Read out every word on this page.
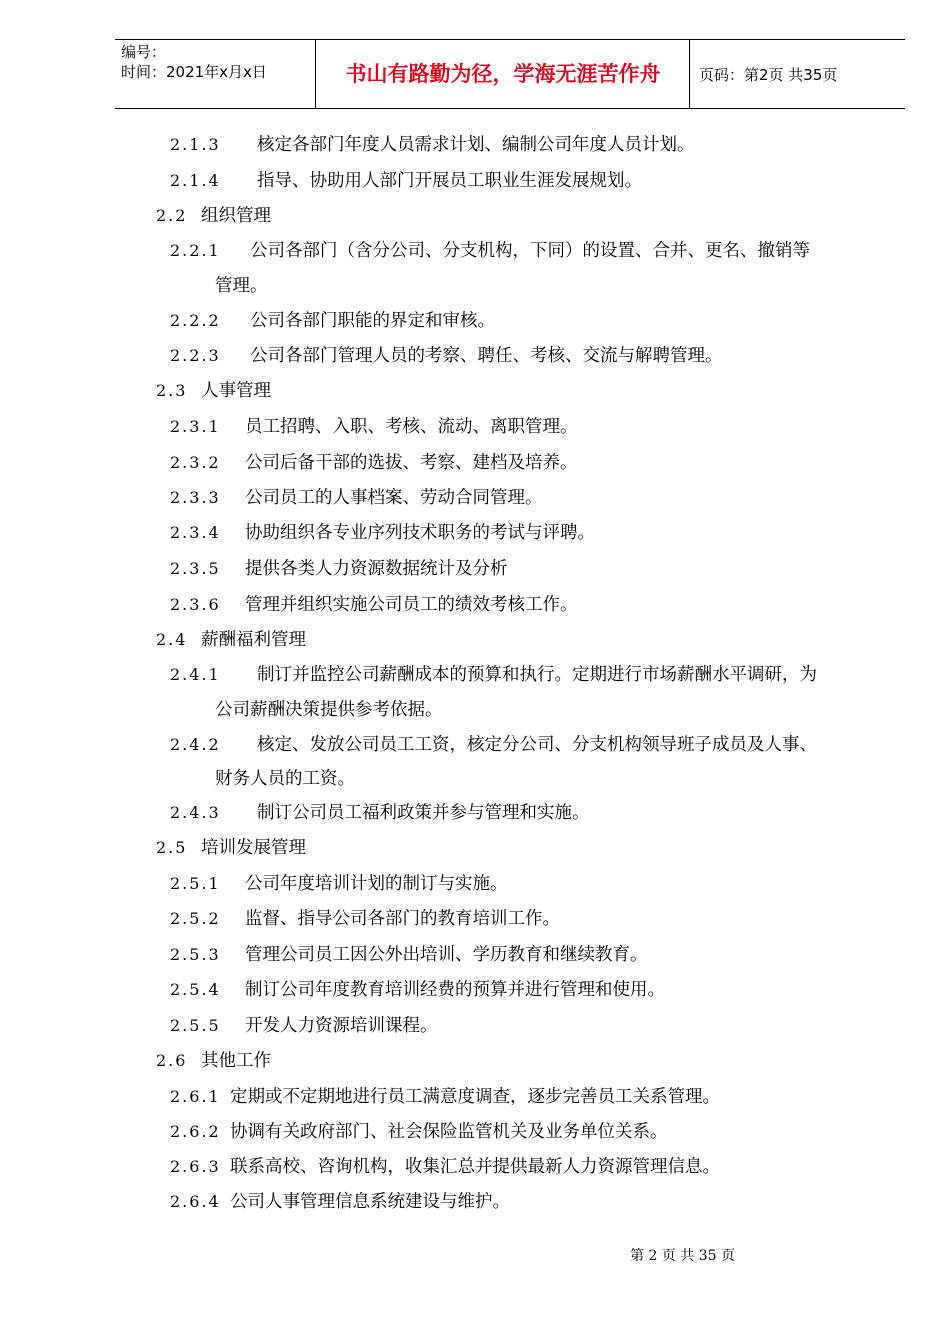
编号：
时间：2021年x月x日	书山有路勤为径，学海无涯苦作舟	页码：第2页 共35页
2.1.3 核定各部门年度人员需求计划、编制公司年度人员计划。
2.1.4 指导、协助用人部门开展员工职业生涯发展规划。
2.2 组织管理
2.2.1 公司各部门（含分公司、分支机构，下同）的设置、合并、更名、撤销等
管理。
2.2.2 公司各部门职能的界定和审核。
2.2.3 公司各部门管理人员的考察、聘任、考核、交流与解聘管理。
2.3 人事管理
2.3.1 员工招聘、入职、考核、流动、离职管理。
2.3.2 公司后备干部的选拔、考察、建档及培养。
2.3.3 公司员工的人事档案、劳动合同管理。
2.3.4 协助组织各专业序列技术职务的考试与评聘。
2.3.5 提供各类人力资源数据统计及分析
2.3.6 管理并组织实施公司员工的绩效考核工作。
2.4 薪酬福利管理
2.4.1 制订并监控公司薪酬成本的预算和执行。定期进行市场薪酬水平调研，为
公司薪酬决策提供参考依据。
2.4.2 核定、发放公司员工工资，核定分公司、分支机构领导班子成员及人事、
财务人员的工资。
2.4.3 制订公司员工福利政策并参与管理和实施。
2.5 培训发展管理
2.5.1 公司年度培训计划的制订与实施。
2.5.2 监督、指导公司各部门的教育培训工作。
2.5.3 管理公司员工因公外出培训、学历教育和继续教育。
2.5.4 制订公司年度教育培训经费的预算并进行管理和使用。
2.5.5 开发人力资源培训课程。
2.6 其他工作
2.6.1 定期或不定期地进行员工满意度调查，逐步完善员工关系管理。
2.6.2 协调有关政府部门、社会保险监管机关及业务单位关系。
2.6.3 联系高校、咨询机构，收集汇总并提供最新人力资源管理信息。
2.6.4 公司人事管理信息系统建设与维护。
第 2 页 共 35 页
